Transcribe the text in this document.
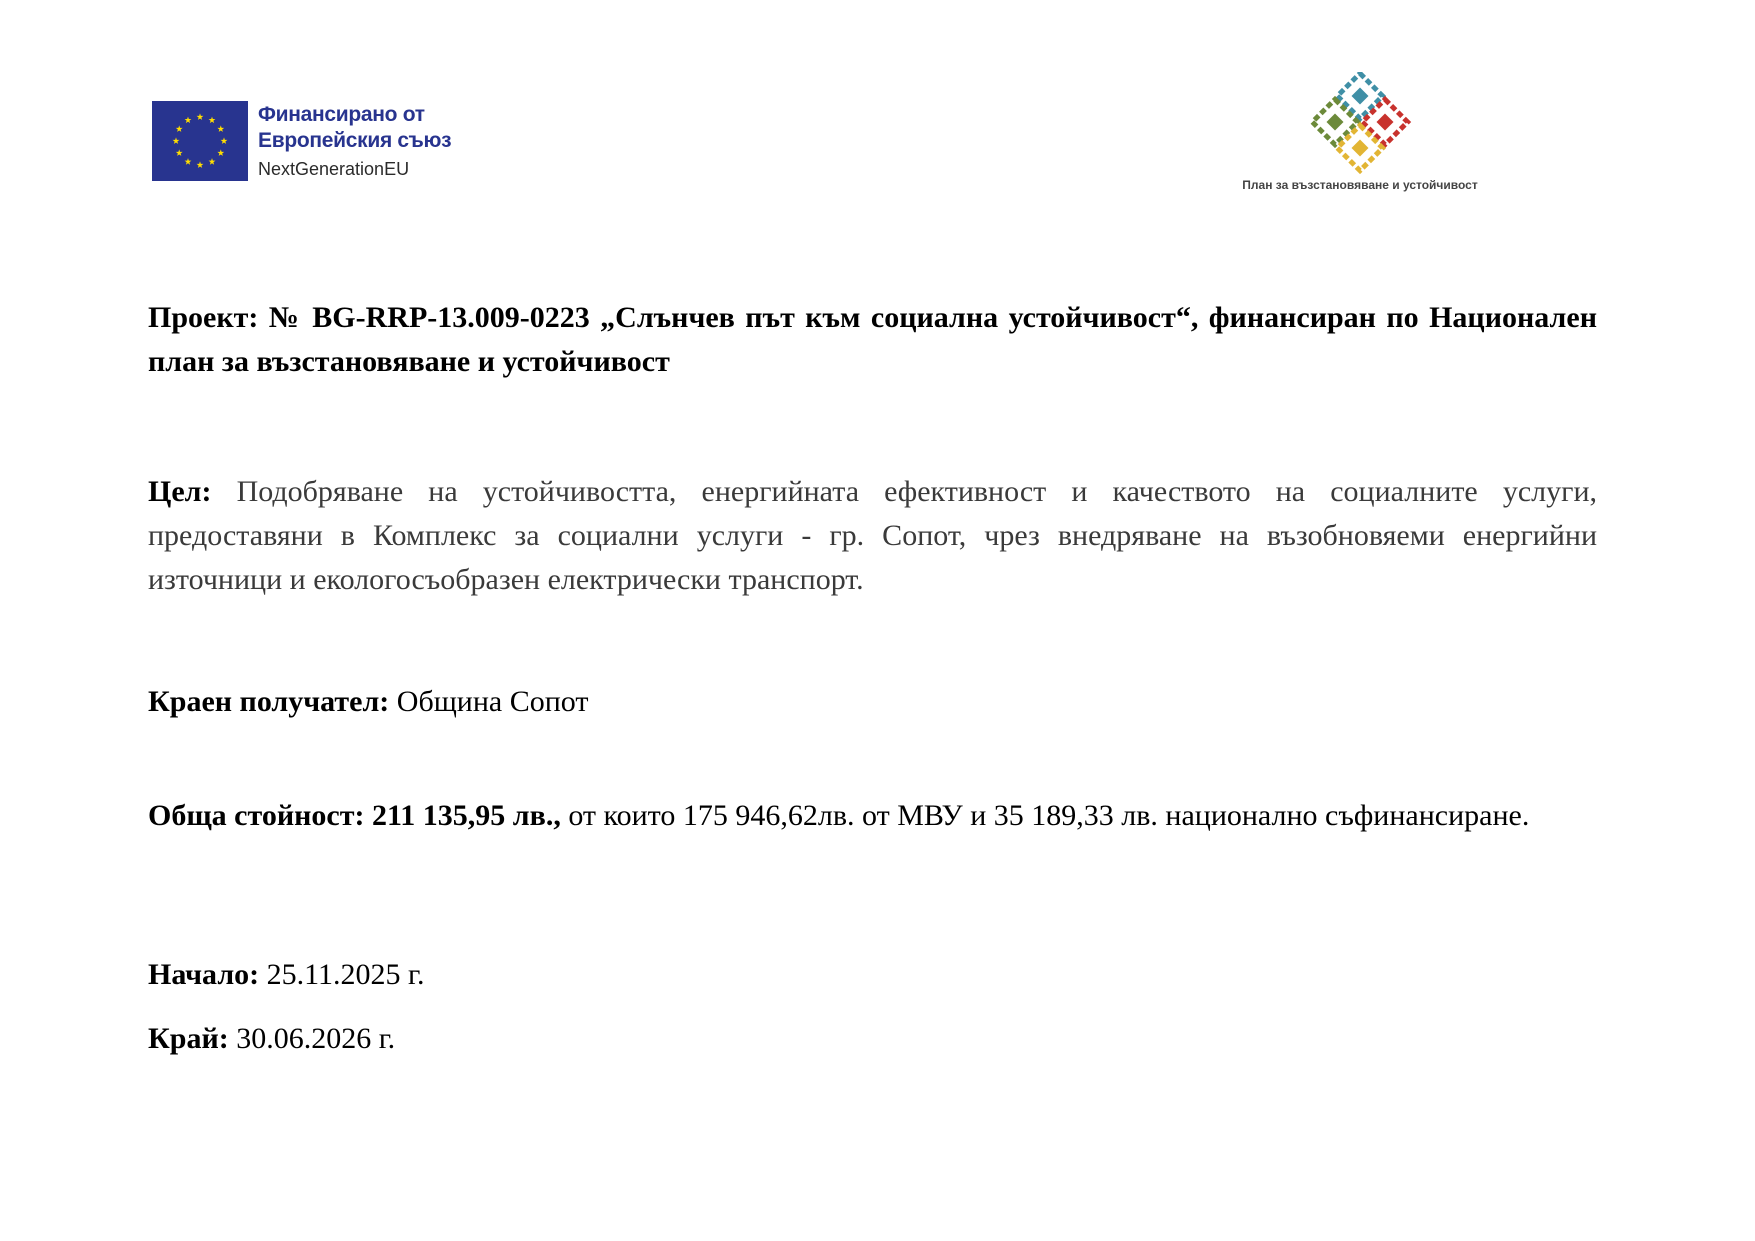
Финансирано от
Европейския съюз
NextGenerationEU
План за възстановяване и устойчивост
Проект: № BG-RRP-13.009-0223 „Слънчев път към социална устойчивост“, финансиран по Национален план за възстановяване и устойчивост
Цел: Подобряване на устойчивостта, енергийната ефективност и качеството на социалните услуги, предоставяни в Комплекс за социални услуги - гр. Сопот, чрез внедряване на възобновяеми енергийни източници и екологосъобразен електрически транспорт.
Краен получател: Община Сопот
Обща стойност: 211 135,95 лв., от които 175 946,62лв. от МВУ и 35 189,33 лв. национално съфинансиране.
Начало: 25.11.2025 г.
Край: 30.06.2026 г.
